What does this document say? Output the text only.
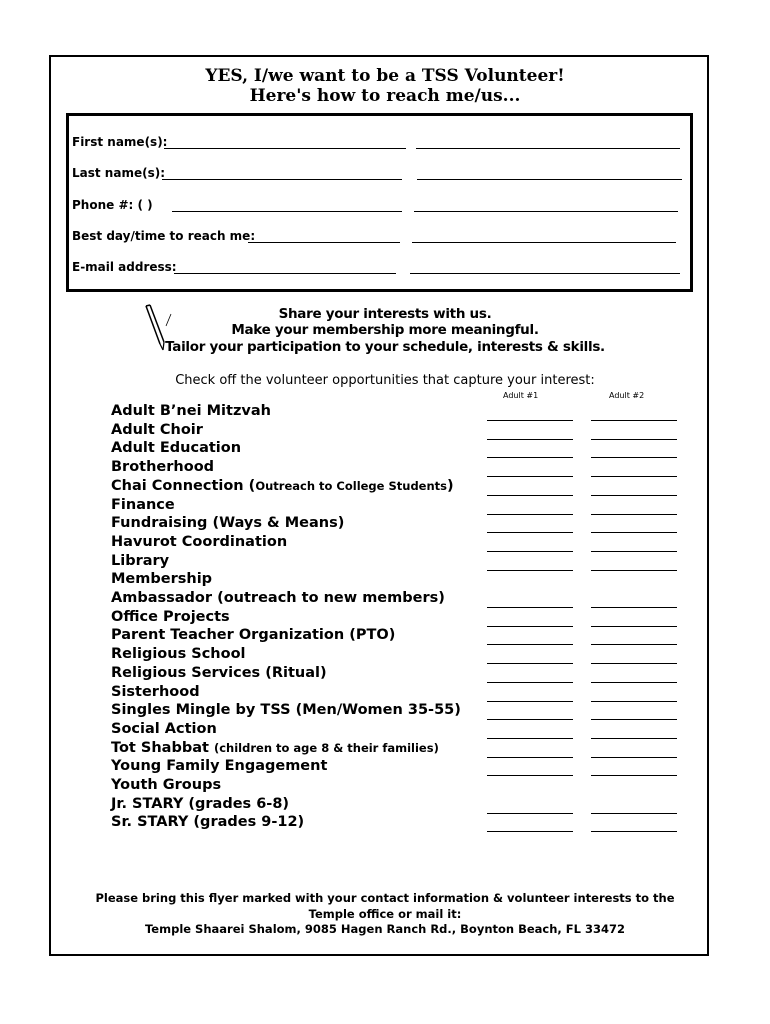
YES, I/we want to be a TSS Volunteer!
Here's how to reach me/us...
First name(s):
Last name(s):
Phone #: ( )
Best day/time to reach me:
E-mail address:
Share your interests with us.
Make your membership more meaningful.
Tailor your participation to your schedule, interests & skills.
Check off the volunteer opportunities that capture your interest:
Adult #1	Adult #2
Adult B’nei Mitzvah
Adult Choir
Adult Education
Brotherhood
Chai Connection (Outreach to College Students)
Finance
Fundraising (Ways & Means)
Havurot Coordination
Library
Membership
Ambassador (outreach to new members)
Office Projects
Parent Teacher Organization (PTO)
Religious School
Religious Services (Ritual)
Sisterhood
Singles Mingle by TSS (Men/Women 35-55)
Social Action
Tot Shabbat (children to age 8 & their families)
Young Family Engagement
Youth Groups
Jr. STARY (grades 6-8)
Sr. STARY (grades 9-12)
Please bring this flyer marked with your contact information & volunteer interests to the
Temple office or mail it:
Temple Shaarei Shalom, 9085 Hagen Ranch Rd., Boynton Beach, FL 33472
